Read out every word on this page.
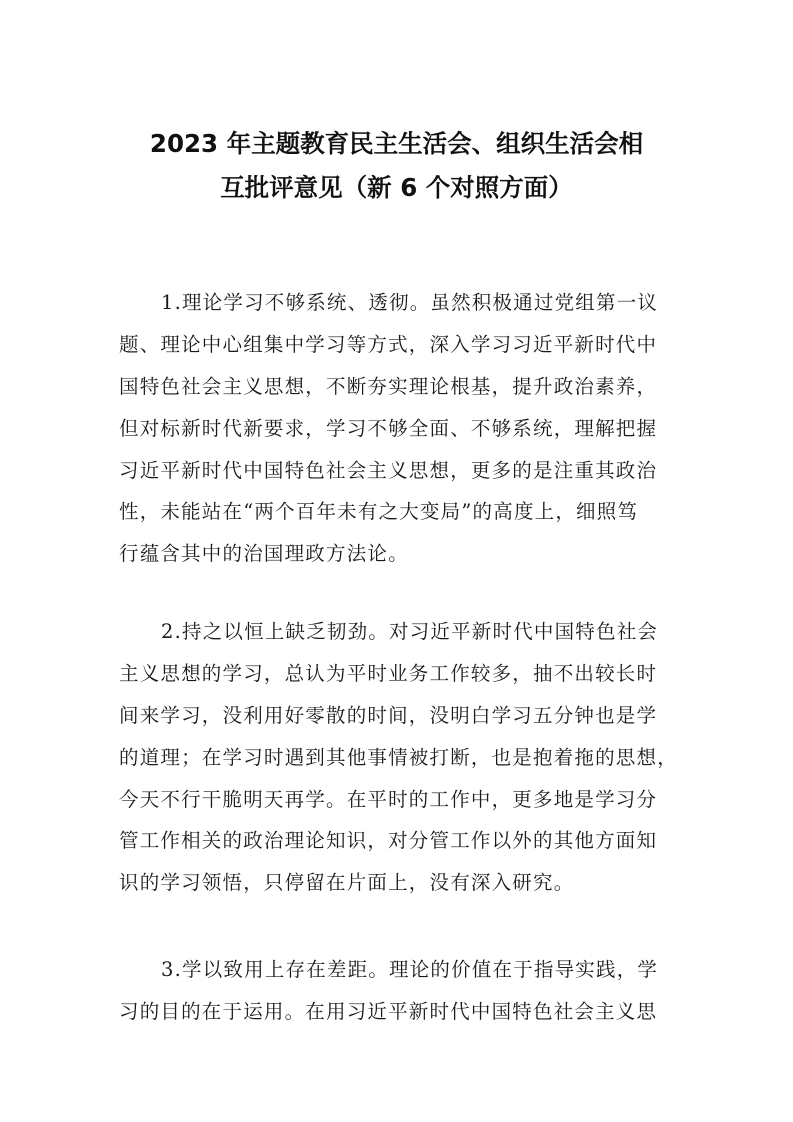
2023 年主题教育民主生活会、组织生活会相
互批评意见（新 6 个对照方面）
1.理论学习不够系统、透彻。虽然积极通过党组第一议
题、理论中心组集中学习等方式，深入学习习近平新时代中
国特色社会主义思想，不断夯实理论根基，提升政治素养，
但对标新时代新要求，学习不够全面、不够系统，理解把握
习近平新时代中国特色社会主义思想，更多的是注重其政治
性，未能站在“两个百年未有之大变局”的高度上，细照笃
行蕴含其中的治国理政方法论。
2.持之以恒上缺乏韧劲。对习近平新时代中国特色社会
主义思想的学习，总认为平时业务工作较多，抽不出较长时
间来学习，没利用好零散的时间，没明白学习五分钟也是学
的道理；在学习时遇到其他事情被打断，也是抱着拖的思想，
今天不行干脆明天再学。在平时的工作中，更多地是学习分
管工作相关的政治理论知识，对分管工作以外的其他方面知
识的学习领悟，只停留在片面上，没有深入研究。
3.学以致用上存在差距。理论的价值在于指导实践，学
习的目的在于运用。在用习近平新时代中国特色社会主义思
